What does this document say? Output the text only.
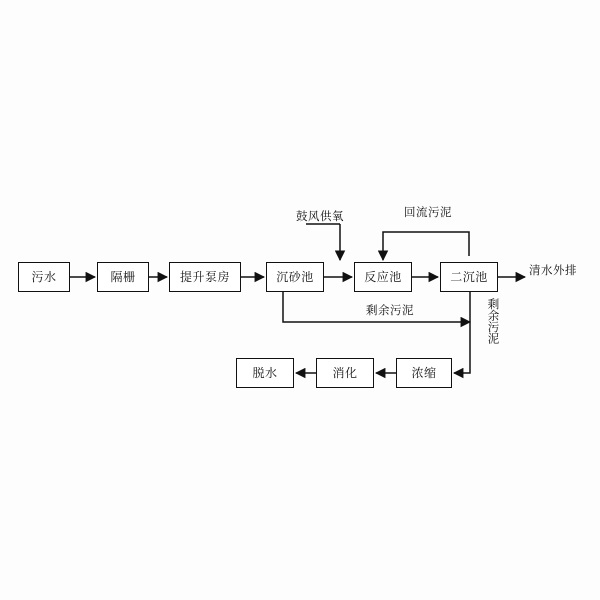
污水	隔栅	提升泵房	沉砂池	反应池	二沉池
脱水	消化	浓缩
鼓风供氧	回流污泥
清水外排
剩余污泥	剩余污泥
